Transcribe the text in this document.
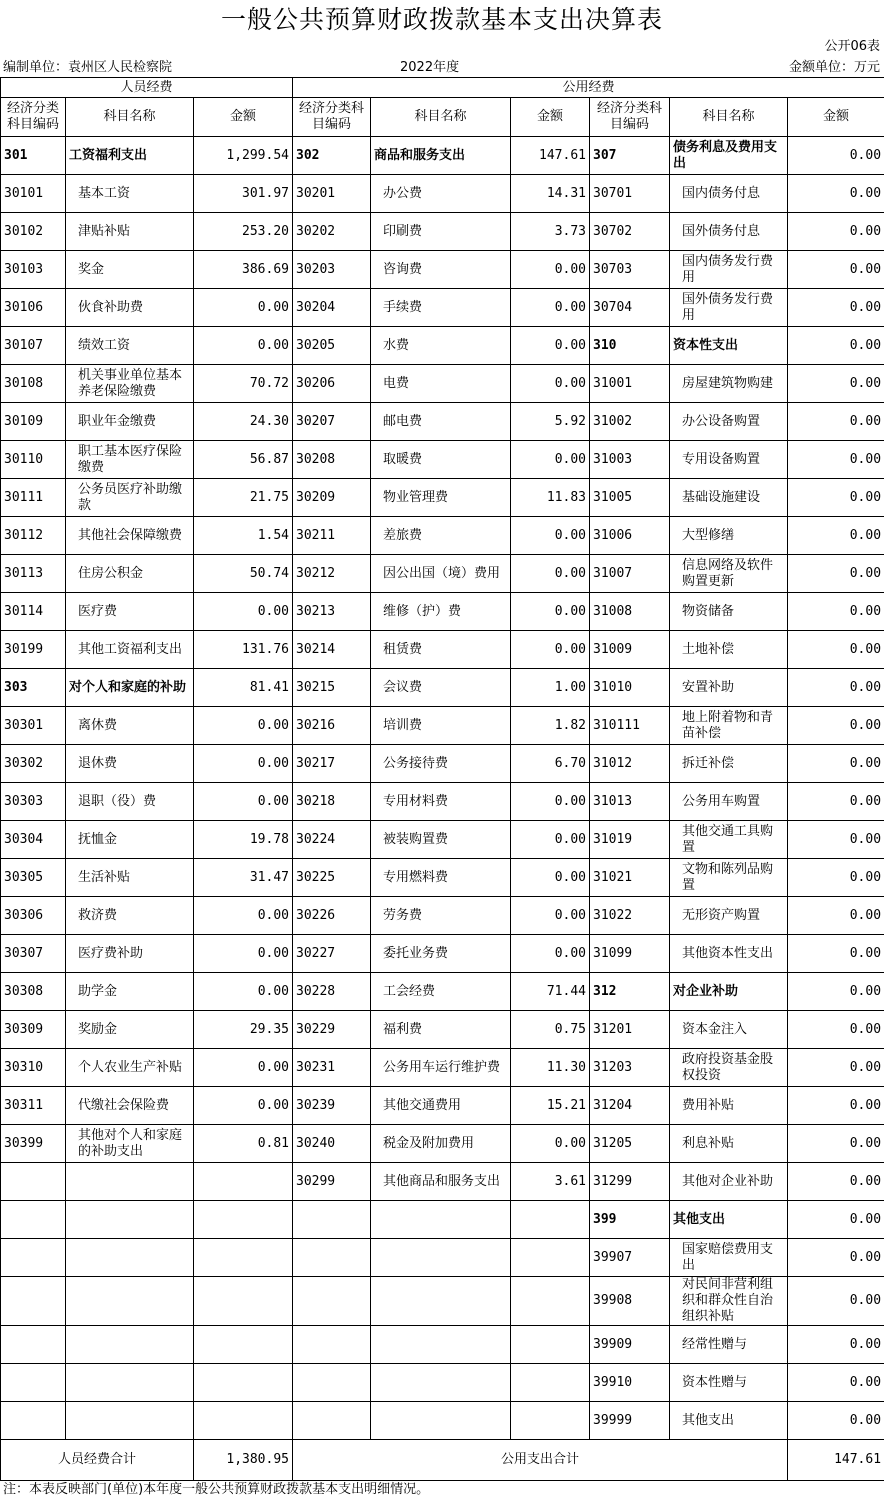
一般公共预算财政拨款基本支出决算表
公开06表
编制单位：袁州区人民检察院	2022年度	金额单位：万元
人员经费			公用经费					
经济分类科目编码	科目名称	金额	经济分类科目编码	科目名称	金额	经济分类科目编码	科目名称	金额
301	工资福利支出	1,299.54	302	商品和服务支出	147.61	307	债务利息及费用支出	0.00
30101	基本工资	301.97	30201	办公费	14.31	30701	国内债务付息	0.00
30102	津贴补贴	253.20	30202	印刷费	3.73	30702	国外债务付息	0.00
30103	奖金	386.69	30203	咨询费	0.00	30703	国内债务发行费用	0.00
30106	伙食补助费	0.00	30204	手续费	0.00	30704	国外债务发行费用	0.00
30107	绩效工资	0.00	30205	水费	0.00	310	资本性支出	0.00
30108	机关事业单位基本养老保险缴费	70.72	30206	电费	0.00	31001	房屋建筑物购建	0.00
30109	职业年金缴费	24.30	30207	邮电费	5.92	31002	办公设备购置	0.00
30110	职工基本医疗保险缴费	56.87	30208	取暖费	0.00	31003	专用设备购置	0.00
30111	公务员医疗补助缴款	21.75	30209	物业管理费	11.83	31005	基础设施建设	0.00
30112	其他社会保障缴费	1.54	30211	差旅费	0.00	31006	大型修缮	0.00
30113	住房公积金	50.74	30212	因公出国（境）费用	0.00	31007	信息网络及软件购置更新	0.00
30114	医疗费	0.00	30213	维修（护）费	0.00	31008	物资储备	0.00
30199	其他工资福利支出	131.76	30214	租赁费	0.00	31009	土地补偿	0.00
303	对个人和家庭的补助	81.41	30215	会议费	1.00	31010	安置补助	0.00
30301	离休费	0.00	30216	培训费	1.82	310111	地上附着物和青苗补偿	0.00
30302	退休费	0.00	30217	公务接待费	6.70	31012	拆迁补偿	0.00
30303	退职（役）费	0.00	30218	专用材料费	0.00	31013	公务用车购置	0.00
30304	抚恤金	19.78	30224	被装购置费	0.00	31019	其他交通工具购置	0.00
30305	生活补贴	31.47	30225	专用燃料费	0.00	31021	文物和陈列品购置	0.00
30306	救济费	0.00	30226	劳务费	0.00	31022	无形资产购置	0.00
30307	医疗费补助	0.00	30227	委托业务费	0.00	31099	其他资本性支出	0.00
30308	助学金	0.00	30228	工会经费	71.44	312	对企业补助	0.00
30309	奖励金	29.35	30229	福利费	0.75	31201	资本金注入	0.00
30310	个人农业生产补贴	0.00	30231	公务用车运行维护费	11.30	31203	政府投资基金股权投资	0.00
30311	代缴社会保险费	0.00	30239	其他交通费用	15.21	31204	费用补贴	0.00
30399	其他对个人和家庭的补助支出	0.81	30240	税金及附加费用	0.00	31205	利息补贴	0.00
			30299	其他商品和服务支出	3.61	31299	其他对企业补助	0.00
						399	其他支出	0.00
						39907	国家赔偿费用支出	0.00
						39908	对民间非营利组织和群众性自治组织补贴	0.00
						39909	经常性赠与	0.00
						39910	资本性赠与	0.00
						39999	其他支出	0.00
人员经费合计		1,380.95	公用支出合计					147.61
注：本表反映部门(单位)本年度一般公共预算财政拨款基本支出明细情况。
